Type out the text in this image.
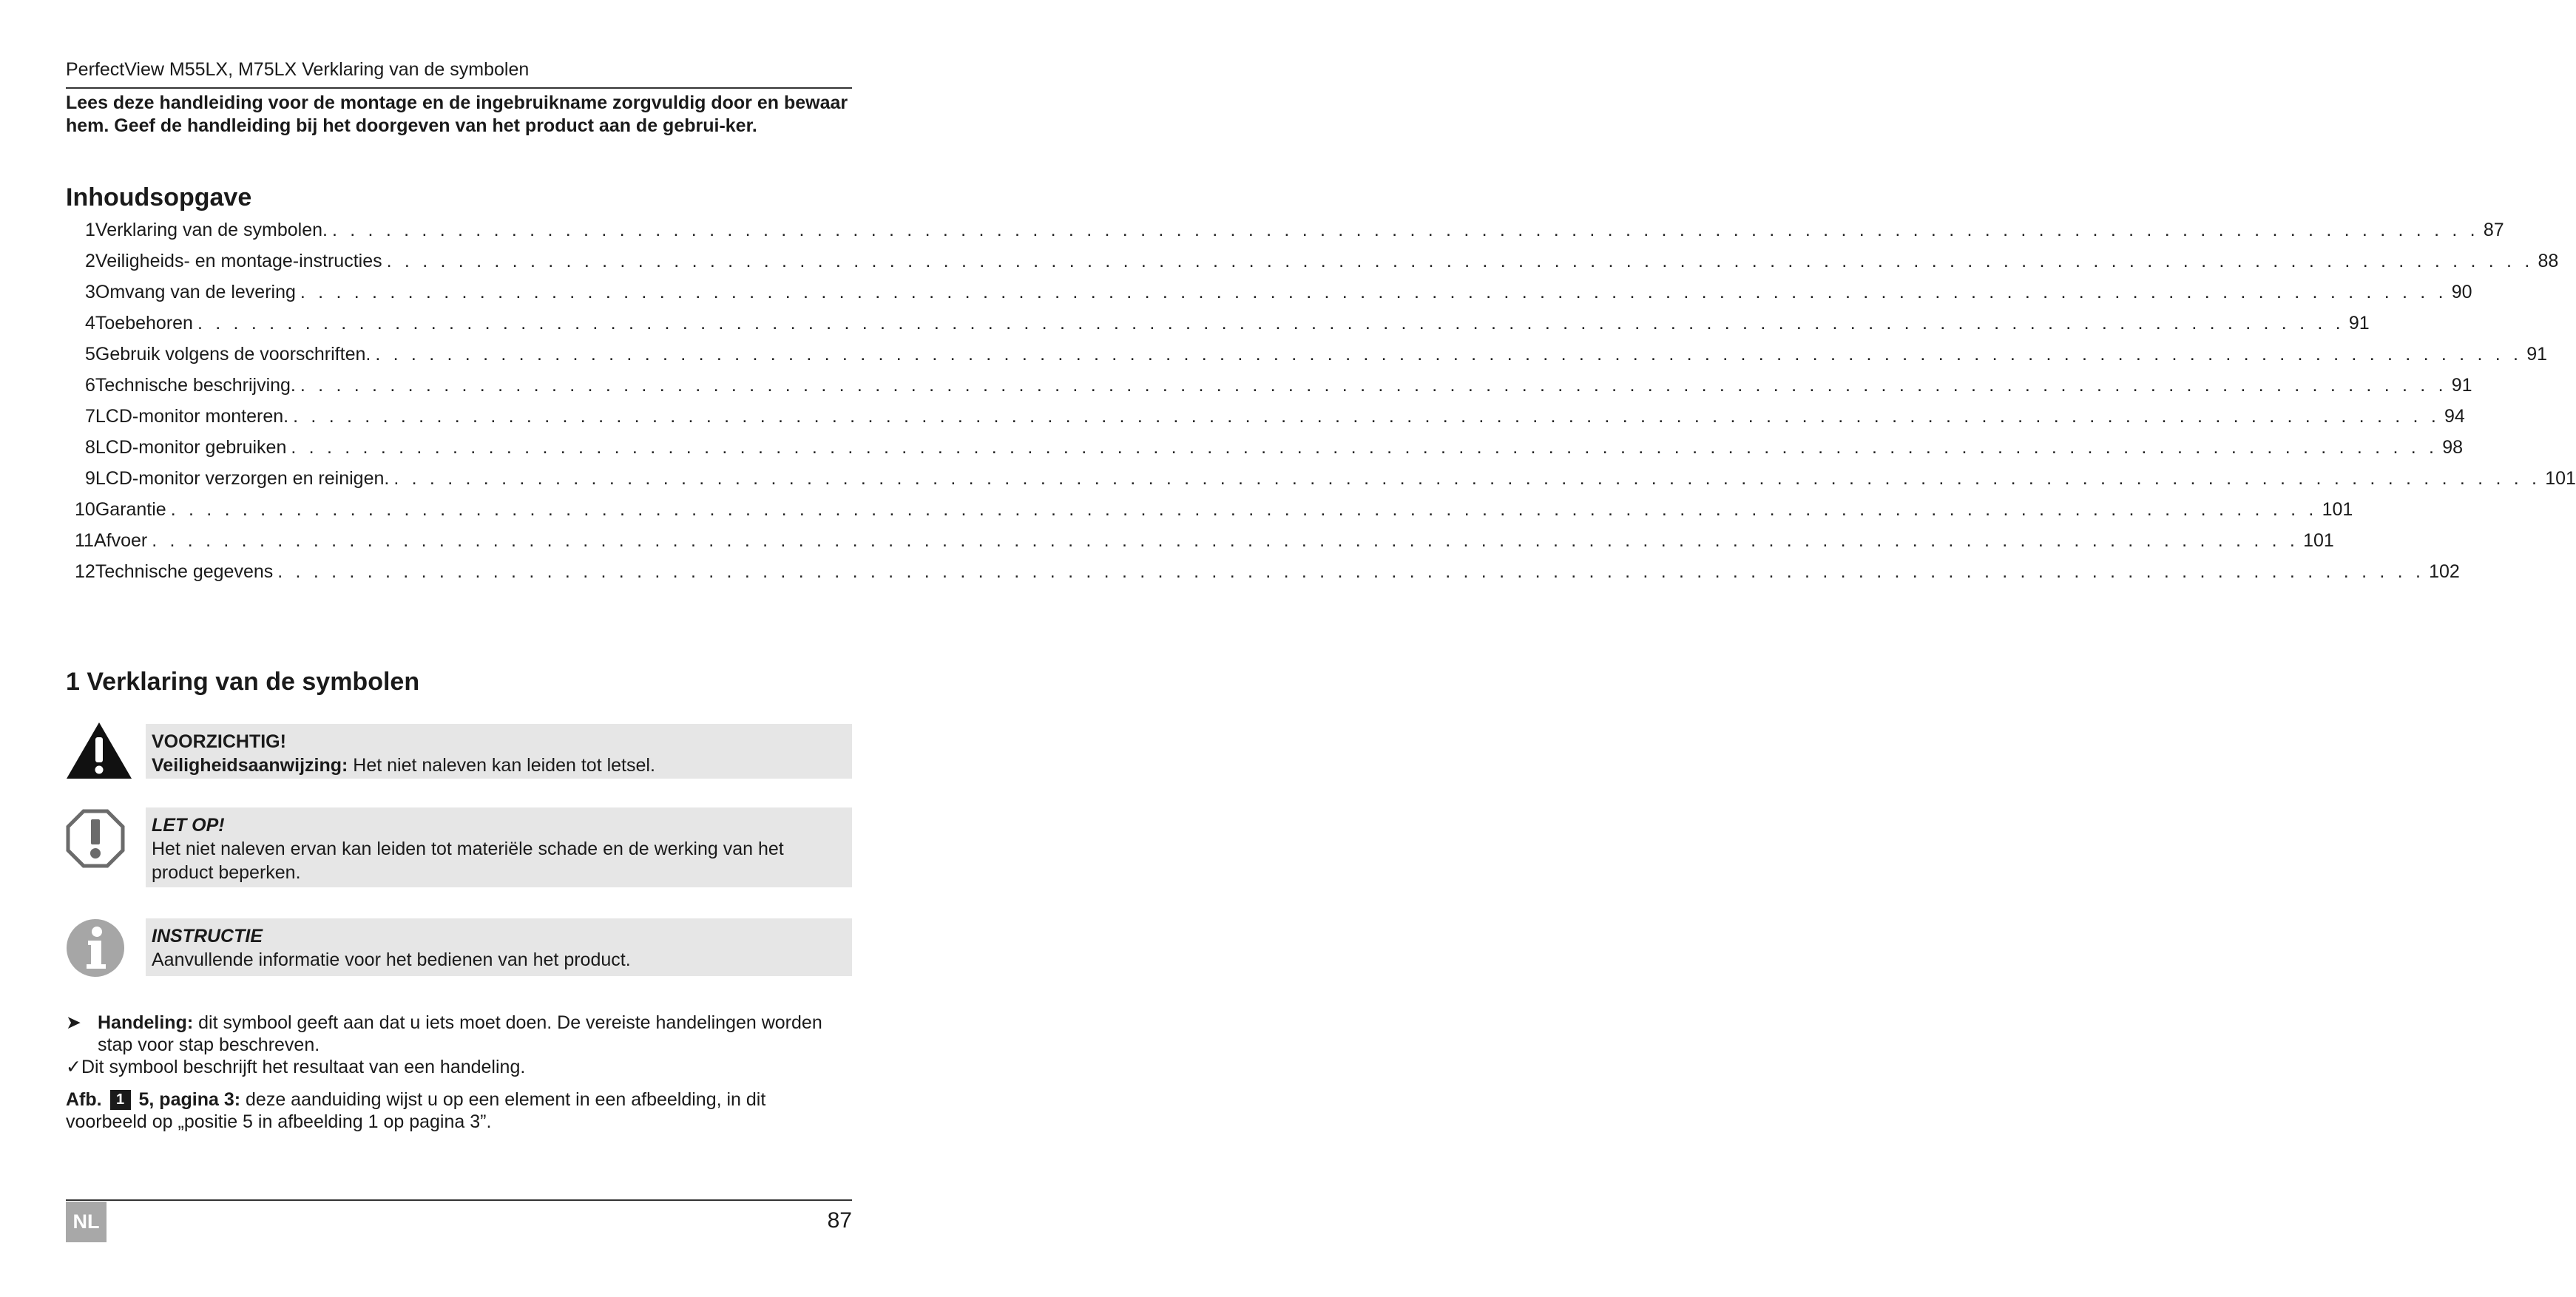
PerfectView M55LX, M75LX Verklaring van de symbolen
Lees deze handleiding voor de montage en de ingebruikname zorgvuldig door en bewaar hem. Geef de handleiding bij het doorgeven van het product aan de gebrui-ker.
Inhoudsopgave
1 Verklaring van de symbolen. . . . . . . . . . . . . . . . . . . . . . . . . . . . . . . . . . . . . . . . . . . . . . . . . . . . . . . . . . . . . . . . . . . . . . . . . . . . . . . . . . . . . . . . . . . . . . . . . . . . . . . . . . . . . . . . . . . . . . . . . 87
2 Veiligheids- en montage-instructies . . . . . . . . . . . . . . . . . . . . . . . . . . . . . . . . . . . . . . . . . . . . . . . . . . . . . . . . . . . . . . . . . . . . . . . . . . . . . . . . . . . . . . . . . . . . . . . . . . . . . . . . . . . . . . . . . . . . . . . . 88
3 Omvang van de levering . . . . . . . . . . . . . . . . . . . . . . . . . . . . . . . . . . . . . . . . . . . . . . . . . . . . . . . . . . . . . . . . . . . . . . . . . . . . . . . . . . . . . . . . . . . . . . . . . . . . . . . . . . . . . . . . . . . . . . . . 90
4 Toebehoren . . . . . . . . . . . . . . . . . . . . . . . . . . . . . . . . . . . . . . . . . . . . . . . . . . . . . . . . . . . . . . . . . . . . . . . . . . . . . . . . . . . . . . . . . . . . . . . . . . . . . . . . . . . . . . . . . . . . . . . . 91
5 Gebruik volgens de voorschriften. . . . . . . . . . . . . . . . . . . . . . . . . . . . . . . . . . . . . . . . . . . . . . . . . . . . . . . . . . . . . . . . . . . . . . . . . . . . . . . . . . . . . . . . . . . . . . . . . . . . . . . . . . . . . . . . . . . . . . . . . 91
6 Technische beschrijving. . . . . . . . . . . . . . . . . . . . . . . . . . . . . . . . . . . . . . . . . . . . . . . . . . . . . . . . . . . . . . . . . . . . . . . . . . . . . . . . . . . . . . . . . . . . . . . . . . . . . . . . . . . . . . . . . . . . . . . . . 91
7 LCD-monitor monteren. . . . . . . . . . . . . . . . . . . . . . . . . . . . . . . . . . . . . . . . . . . . . . . . . . . . . . . . . . . . . . . . . . . . . . . . . . . . . . . . . . . . . . . . . . . . . . . . . . . . . . . . . . . . . . . . . . . . . . . . . 94
8 LCD-monitor gebruiken . . . . . . . . . . . . . . . . . . . . . . . . . . . . . . . . . . . . . . . . . . . . . . . . . . . . . . . . . . . . . . . . . . . . . . . . . . . . . . . . . . . . . . . . . . . . . . . . . . . . . . . . . . . . . . . . . . . . . . . . 98
9 LCD-monitor verzorgen en reinigen. . . . . . . . . . . . . . . . . . . . . . . . . . . . . . . . . . . . . . . . . . . . . . . . . . . . . . . . . . . . . . . . . . . . . . . . . . . . . . . . . . . . . . . . . . . . . . . . . . . . . . . . . . . . . . . . . . . . . . . . . 101
10 Garantie . . . . . . . . . . . . . . . . . . . . . . . . . . . . . . . . . . . . . . . . . . . . . . . . . . . . . . . . . . . . . . . . . . . . . . . . . . . . . . . . . . . . . . . . . . . . . . . . . . . . . . . . . . . . . . . . . . . . . . . . 101
11 Afvoer . . . . . . . . . . . . . . . . . . . . . . . . . . . . . . . . . . . . . . . . . . . . . . . . . . . . . . . . . . . . . . . . . . . . . . . . . . . . . . . . . . . . . . . . . . . . . . . . . . . . . . . . . . . . . . . . . . . . . . . . 101
12 Technische gegevens . . . . . . . . . . . . . . . . . . . . . . . . . . . . . . . . . . . . . . . . . . . . . . . . . . . . . . . . . . . . . . . . . . . . . . . . . . . . . . . . . . . . . . . . . . . . . . . . . . . . . . . . . . . . . . . . . . . . . . . . 102
1 Verklaring van de symbolen
VOORZICHTIG!
Veiligheidsaanwijzing: Het niet naleven kan leiden tot letsel.
LET OP!
Het niet naleven ervan kan leiden tot materiële schade en de werking van het product beperken.
INSTRUCTIE
Aanvullende informatie voor het bedienen van het product.
➤ Handeling: dit symbool geeft aan dat u iets moet doen. De vereiste handelingen worden stap voor stap beschreven.
✓Dit symbool beschrijft het resultaat van een handeling.
Afb. 1 5, pagina 3: deze aanduiding wijst u op een element in een afbeelding, in dit voorbeeld op „positie 5 in afbeelding 1 op pagina 3”.
NL	87
